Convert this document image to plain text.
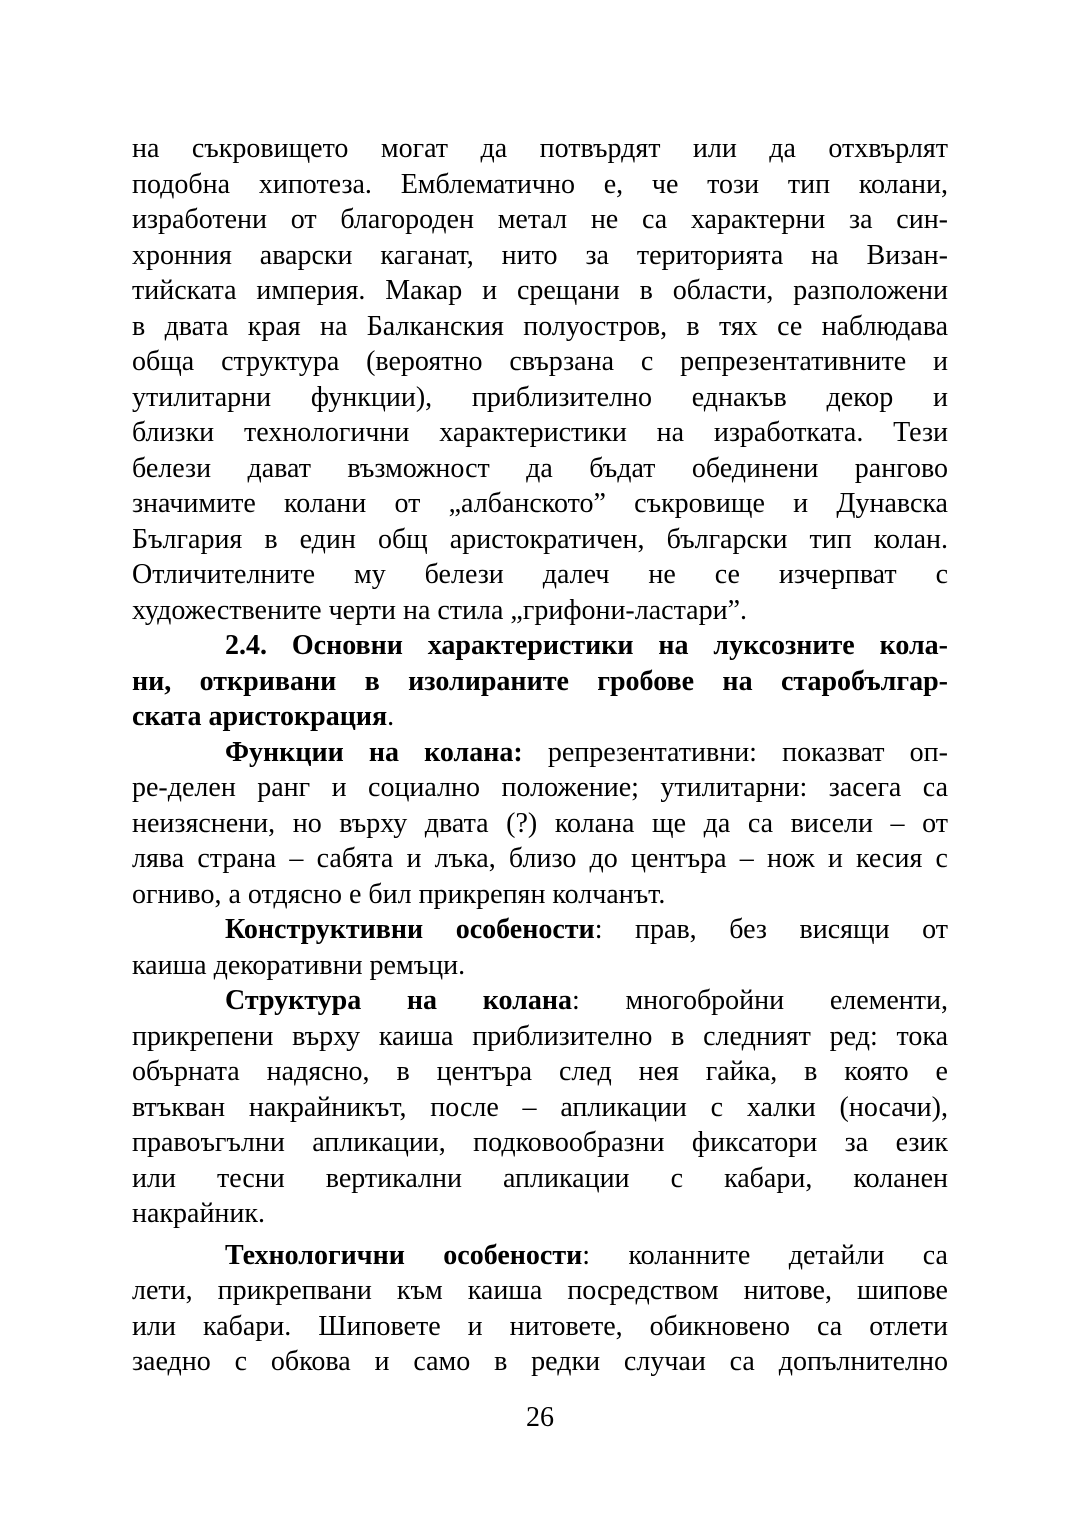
на съкровището могат да потвърдят или да отхвърлят
подобна хипотеза. Емблематично е, че този тип колани,
изработени от благороден метал не са характерни за син-
хронния аварски каганат, нито за територията на Визан-
тийската империя. Макар и срещани в области, разположени
в двата края на Балканския полуостров, в тях се наблюдава
обща структура (вероятно свързана с репрезентативните и
утилитарни функции), приблизително еднакъв декор и
близки технологични характеристики на изработката. Тези
белези дават възможност да бъдат обединени рангово
значимите колани от „албанското” съкровище и Дунавска
България в един общ аристократичен, български тип колан.
Отличителните му белези далеч не се изчерпват с
художествените черти на стила „грифони-ластари”.

2.4. Основни характеристики на луксозните кола-
ни, откривани в изолираните гробове на старобългар-
ската аристокрация.

Функции на колана: репрезентативни: показват оп-
ре-делен ранг и социално положение; утилитарни: засега са
неизяснени, но върху двата (?) колана ще да са висели – от
лява страна – сабята и лъка, близо до центъра – нож и кесия с
огниво, а отдясно е бил прикрепян колчанът.

Конструктивни особености: прав, без висящи от
каиша декоративни ремъци.

Структура на колана: многобройни елементи,
прикрепени върху каиша приблизително в следният ред: тока
обърната надясно, в центъра след нея гайка, в която е
втъкван накрайникът, после – апликации с халки (носачи),
правоъгълни апликации, подковообразни фиксатори за език
или тесни вертикални апликации с кабари, коланен
накрайник.

Технологични особености: коланните детайли са
лети, прикрепвани към каиша посредством нитове, шипове
или кабари. Шиповете и нитовете, обикновено са отлети
заедно с обкова и само в редки случаи са допълнително

26
